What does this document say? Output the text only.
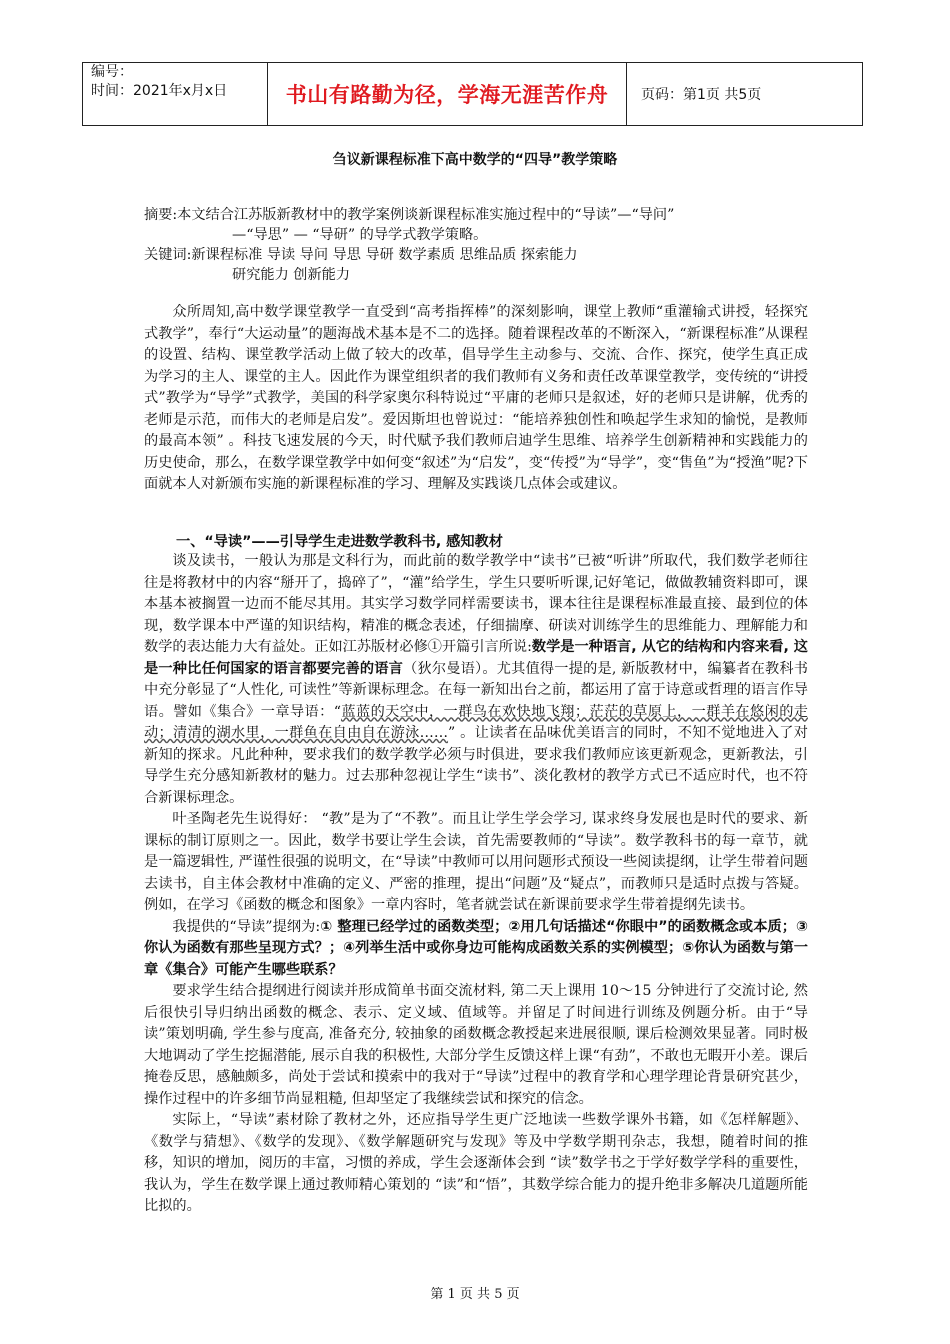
编号：
时间：2021年x月x日	书山有路勤为径，学海无涯苦作舟	页码：第1页 共5页
刍议新课程标准下高中数学的“四导”教学策略
摘要:本文结合江苏版新教材中的教学案例谈新课程标准实施过程中的“导读”—“导问”
—“导思” — “导研” 的导学式教学策略。
关键词:新课程标准 导读 导问 导思 导研 数学素质 思维品质 探索能力
研究能力 创新能力

众所周知,高中数学课堂教学一直受到“高考指挥棒”的深刻影响，课堂上教师“重灌输式讲授，轻探究式教学”，奉行“大运动量”的题海战术基本是不二的选择。随着课程改革的不断深入，“新课程标准”从课程的设置、结构、课堂教学活动上做了较大的改革，倡导学生主动参与、交流、合作、探究，使学生真正成为学习的主人、课堂的主人。因此作为课堂组织者的我们教师有义务和责任改革课堂教学，变传统的“讲授式”教学为“导学”式教学，美国的科学家奥尔科特说过“平庸的老师只是叙述，好的老师只是讲解，优秀的老师是示范，而伟大的老师是启发”。爱因斯坦也曾说过：“能培养独创性和唤起学生求知的愉悦，是教师的最高本领” 。科技飞速发展的今天，时代赋予我们教师启迪学生思维、培养学生创新精神和实践能力的历史使命，那么，在数学课堂教学中如何变“叙述”为“启发”，变“传授”为“导学”，变“售鱼”为“授渔”呢?下面就本人对新颁布实施的新课程标准的学习、理解及实践谈几点体会或建议。

一、“导读”——引导学生走进数学教科书, 感知教材

谈及读书，一般认为那是文科行为，而此前的数学教学中“读书”已被“听讲”所取代，我们数学老师往往是将教材中的内容“掰开了，捣碎了”，“灌”给学生，学生只要听听课,记好笔记，做做教辅资料即可，课本基本被搁置一边而不能尽其用。其实学习数学同样需要读书，课本往往是课程标准最直接、最到位的体现，数学课本中严谨的知识结构，精准的概念表述，仔细揣摩、研读对训练学生的思维能力、理解能力和数学的表达能力大有益处。正如江苏版材必修①开篇引言所说:数学是一种语言, 从它的结构和内容来看, 这是一种比任何国家的语言都要完善的语言（狄尔曼语）。尤其值得一提的是, 新版教材中，编纂者在教科书中充分彰显了“人性化, 可读性”等新课标理念。在每一新知出台之前，都运用了富于诗意或哲理的语言作导语。譬如《集合》一章导语：“蓝蓝的天空中，一群鸟在欢快地飞翔；茫茫的草原上，一群羊在悠闲的走动；清清的湖水里，一群鱼在自由自在游泳……” 。让读者在品味优美语言的同时，不知不觉地进入了对新知的探求。凡此种种，要求我们的数学教学必须与时俱进，要求我们教师应该更新观念，更新教法，引导学生充分感知新教材的魅力。过去那种忽视让学生“读书”、淡化教材的教学方式已不适应时代，也不符合新课标理念。

叶圣陶老先生说得好： “教”是为了“不教”。而且让学生学会学习, 谋求终身发展也是时代的要求、新课标的制订原则之一。因此，数学书要让学生会读，首先需要教师的“导读”。数学教科书的每一章节，就是一篇逻辑性, 严谨性很强的说明文，在“导读”中教师可以用问题形式预设一些阅读提纲，让学生带着问题去读书，自主体会教材中准确的定义、严密的推理，提出“问题”及“疑点”，而教师只是适时点拨与答疑。例如，在学习《函数的概念和图象》一章内容时，笔者就尝试在新课前要求学生带着提纲先读书。

我提供的“导读”提纲为:① 整理已经学过的函数类型；②用几句话描述“你眼中”的函数概念或本质；③你认为函数有那些呈现方式？；④列举生活中或你身边可能构成函数关系的实例模型；⑤你认为函数与第一章《集合》可能产生哪些联系？

要求学生结合提纲进行阅读并形成简单书面交流材料, 第二天上课用 10～15 分钟进行了交流讨论, 然后很快引导归纳出函数的概念、表示、定义域、值域等。并留足了时间进行训练及例题分析。由于“导读”策划明确, 学生参与度高, 准备充分, 较抽象的函数概念教授起来进展很顺, 课后检测效果显著。同时极大地调动了学生挖掘潜能, 展示自我的积极性, 大部分学生反馈这样上课“有劲”，不敢也无暇开小差。课后掩卷反思，感触颇多，尚处于尝试和摸索中的我对于“导读”过程中的教育学和心理学理论背景研究甚少，操作过程中的许多细节尚显粗糙, 但却坚定了我继续尝试和探究的信念。

实际上，“导读”素材除了教材之外，还应指导学生更广泛地读一些数学课外书籍，如《怎样解题》、《数学与猜想》、《数学的发现》、《数学解题研究与发现》等及中学数学期刊杂志，我想，随着时间的推移，知识的增加，阅历的丰富，习惯的养成，学生会逐渐体会到 “读”数学书之于学好数学学科的重要性，我认为，学生在数学课上通过教师精心策划的 “读”和“悟”，其数学综合能力的提升绝非多解决几道题所能比拟的。

第 1 页 共 5 页
